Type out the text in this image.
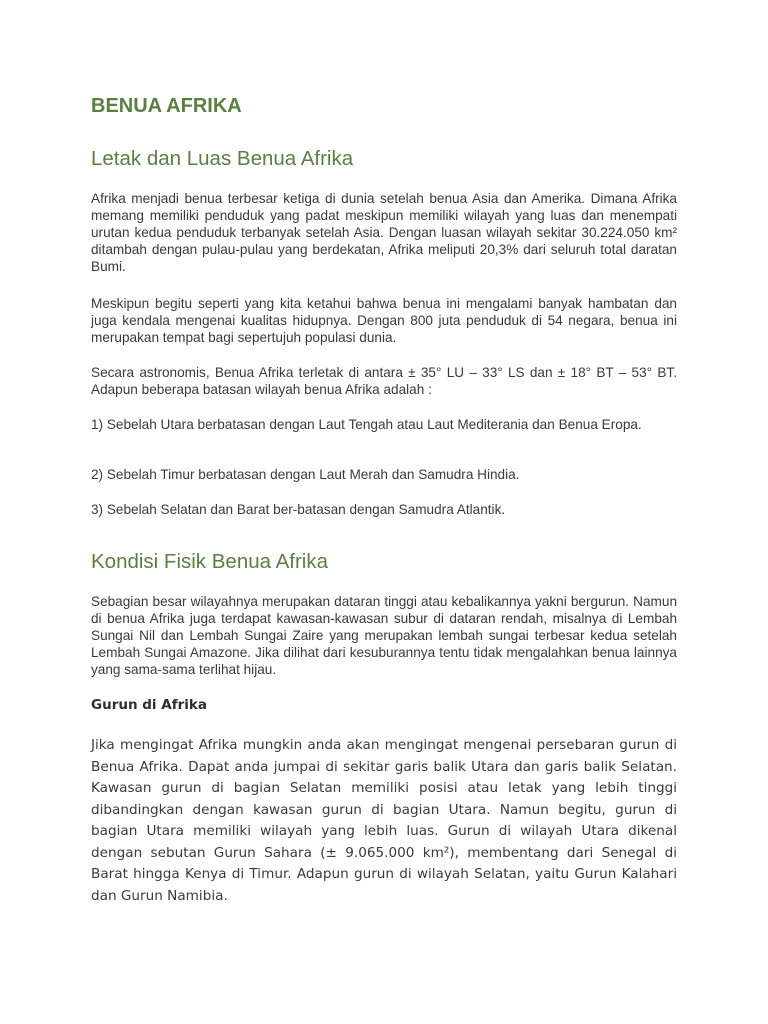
BENUA AFRIKA
Letak dan Luas Benua Afrika

Afrika menjadi benua terbesar ketiga di dunia setelah benua Asia dan Amerika. Dimana Afrika memang memiliki penduduk yang padat meskipun memiliki wilayah yang luas dan menempati urutan kedua penduduk terbanyak setelah Asia. Dengan luasan wilayah sekitar 30.224.050 km² ditambah dengan pulau-pulau yang berdekatan, Afrika meliputi 20,3% dari seluruh total daratan Bumi.

Meskipun begitu seperti yang kita ketahui bahwa benua ini mengalami banyak hambatan dan juga kendala mengenai kualitas hidupnya. Dengan 800 juta penduduk di 54 negara, benua ini merupakan tempat bagi sepertujuh populasi dunia.

Secara astronomis, Benua Afrika terletak di antara ± 35° LU – 33° LS dan ± 18° BT – 53° BT. Adapun beberapa batasan wilayah benua Afrika adalah :

1) Sebelah Utara berbatasan dengan Laut Tengah atau Laut Mediterania dan Benua Eropa.

2) Sebelah Timur berbatasan dengan Laut Merah dan Samudra Hindia.

3) Sebelah Selatan dan Barat ber-batasan dengan Samudra Atlantik.

Kondisi Fisik Benua Afrika

Sebagian besar wilayahnya merupakan dataran tinggi atau kebalikannya yakni bergurun. Namun di benua Afrika juga terdapat kawasan-kawasan subur di dataran rendah, misalnya di Lembah Sungai Nil dan Lembah Sungai Zaire yang merupakan lembah sungai terbesar kedua setelah Lembah Sungai Amazone. Jika dilihat dari kesuburannya tentu tidak mengalahkan benua lainnya yang sama-sama terlihat hijau.

Gurun di Afrika

Jika mengingat Afrika mungkin anda akan mengingat mengenai persebaran gurun di Benua Afrika. Dapat anda jumpai di sekitar garis balik Utara dan garis balik Selatan. Kawasan gurun di bagian Selatan memiliki posisi atau letak yang lebih tinggi dibandingkan dengan kawasan gurun di bagian Utara. Namun begitu, gurun di bagian Utara memiliki wilayah yang lebih luas. Gurun di wilayah Utara dikenal dengan sebutan Gurun Sahara (± 9.065.000 km²), membentang dari Senegal di Barat hingga Kenya di Timur. Adapun gurun di wilayah Selatan, yaitu Gurun Kalahari dan Gurun Namibia.
